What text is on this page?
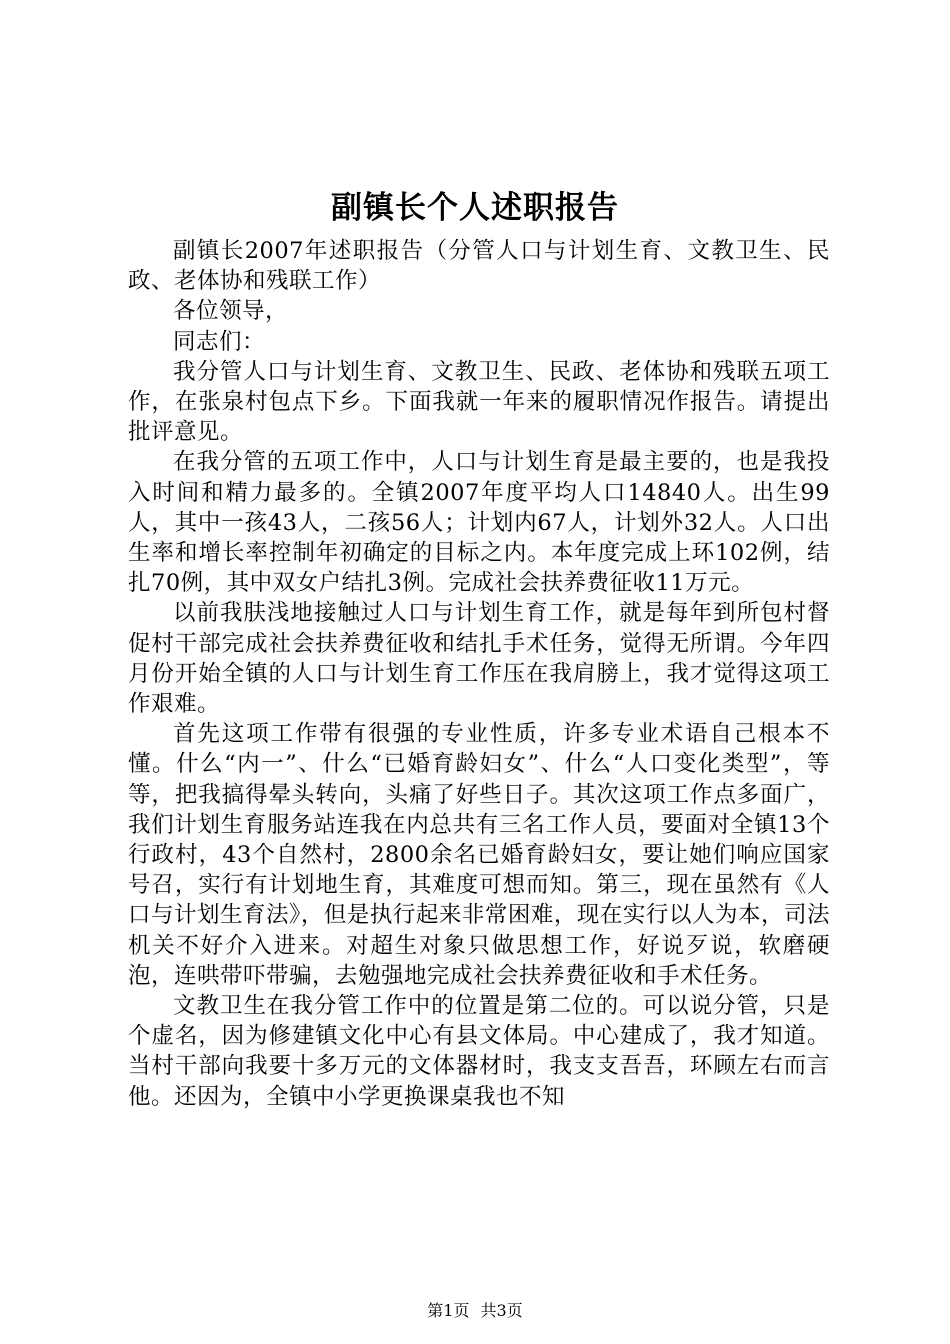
副镇长个人述职报告

副镇长2007年述职报告（分管人口与计划生育、文教卫生、民政、老体协和残联工作）

各位领导，

同志们：

我分管人口与计划生育、文教卫生、民政、老体协和残联五项工作，在张泉村包点下乡。下面我就一年来的履职情况作报告。请提出批评意见。

在我分管的五项工作中，人口与计划生育是最主要的，也是我投入时间和精力最多的。全镇2007年度平均人口14840人。出生99人，其中一孩43人，二孩56人；计划内67人，计划外32人。人口出生率和增长率控制年初确定的目标之内。本年度完成上环102例，结扎70例，其中双女户结扎3例。完成社会扶养费征收11万元。

以前我肤浅地接触过人口与计划生育工作，就是每年到所包村督促村干部完成社会扶养费征收和结扎手术任务，觉得无所谓。今年四月份开始全镇的人口与计划生育工作压在我肩膀上，我才觉得这项工作艰难。

首先这项工作带有很强的专业性质，许多专业术语自己根本不懂。什么“内一”、什么“已婚育龄妇女”、什么“人口变化类型”，等等，把我搞得晕头转向，头痛了好些日子。其次这项工作点多面广，我们计划生育服务站连我在内总共有三名工作人员，要面对全镇13个行政村，43个自然村，2800余名已婚育龄妇女，要让她们响应国家号召，实行有计划地生育，其难度可想而知。第三，现在虽然有《人口与计划生育法》，但是执行起来非常困难，现在实行以人为本，司法机关不好介入进来。对超生对象只做思想工作，好说歹说，软磨硬泡，连哄带吓带骗，去勉强地完成社会扶养费征收和手术任务。

文教卫生在我分管工作中的位置是第二位的。可以说分管，只是个虚名，因为修建镇文化中心有县文体局。中心建成了，我才知道。当村干部向我要十多万元的文体器材时，我支支吾吾，环顾左右而言他。还因为，全镇中小学更换课桌我也不知

第1页 共3页
